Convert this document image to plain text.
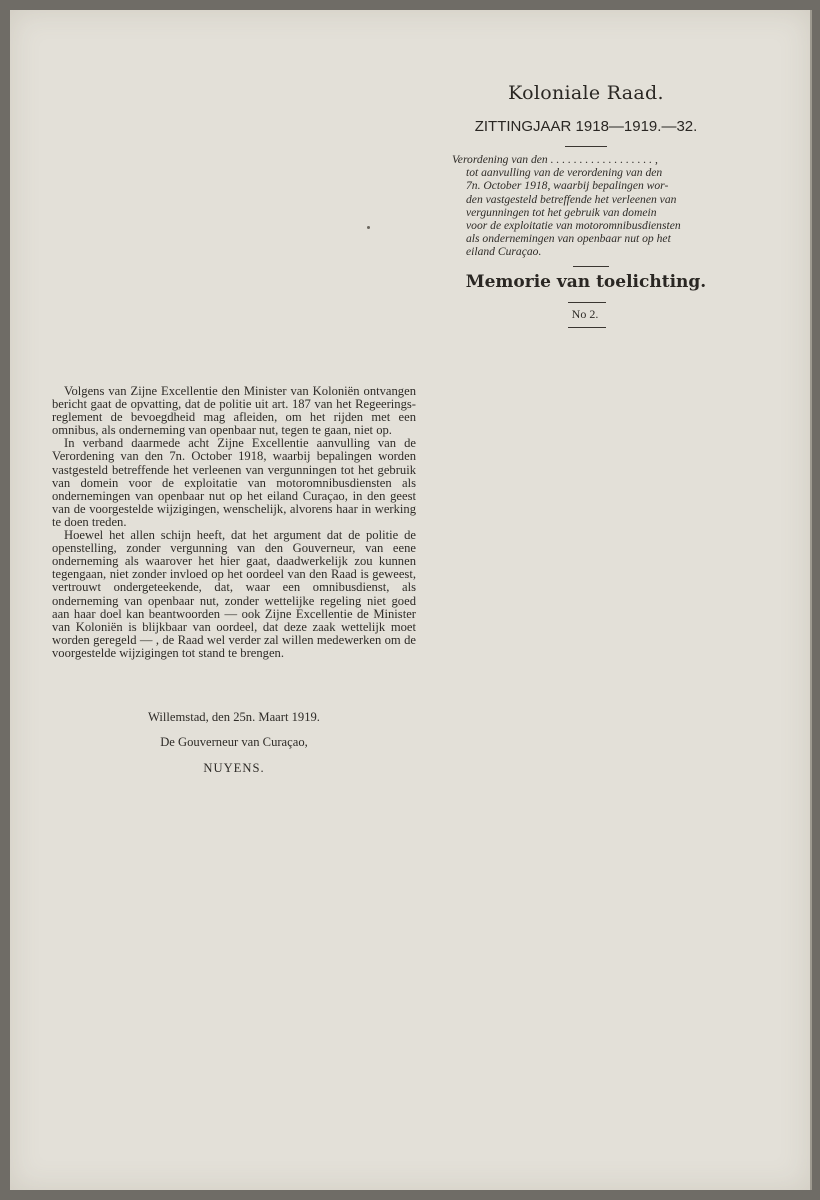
Koloniale Raad.
ZITTINGJAAR 1918—1919.—32.
Verordening van den . . . . . . . . . . . . . . . . . . ,
tot aanvulling van de verordening van den
7n. October 1918, waarbij bepalingen wor-
den vastgesteld betreffende het verleenen van
vergunningen tot het gebruik van domein
voor de exploitatie van motoromnibusdiensten
als ondernemingen van openbaar nut op het
eiland Curaçao.
Memorie van toelichting.
No 2.

Volgens van Zijne Excellentie den Minister van Koloniën ontvangen bericht gaat de opvatting, dat de politie uit art. 187 van het Regeerings-reglement de bevoegdheid mag afleiden, om het rijden met een omnibus, als onderneming van openbaar nut, tegen te gaan, niet op.

In verband daarmede acht Zijne Excellentie aanvulling van de Verordening van den 7n. October 1918, waarbij bepalingen worden vastgesteld betreffende het verleenen van vergunningen tot het gebruik van domein voor de exploitatie van motoromnibusdiensten als ondernemingen van openbaar nut op het eiland Curaçao, in den geest van de voorgestelde wijzigingen, wenschelijk, alvorens haar in werking te doen treden.

Hoewel het allen schijn heeft, dat het argument dat de politie de openstelling, zonder vergunning van den Gouverneur, van eene onderneming als waarover het hier gaat, daadwerkelijk zou kunnen tegengaan, niet zonder invloed op het oordeel van den Raad is geweest, vertrouwt ondergeteekende, dat, waar een omnibusdienst, als onderneming van openbaar nut, zonder wettelijke regeling niet goed aan haar doel kan beantwoorden — ook Zijne Excellentie de Minister van Koloniën is blijkbaar van oordeel, dat deze zaak wettelijk moet worden geregeld — , de Raad wel verder zal willen medewerken om de voorgestelde wijzigingen tot stand te brengen.

Willemstad, den 25n. Maart 1919.
De Gouverneur van Curaçao,
NUYENS.
